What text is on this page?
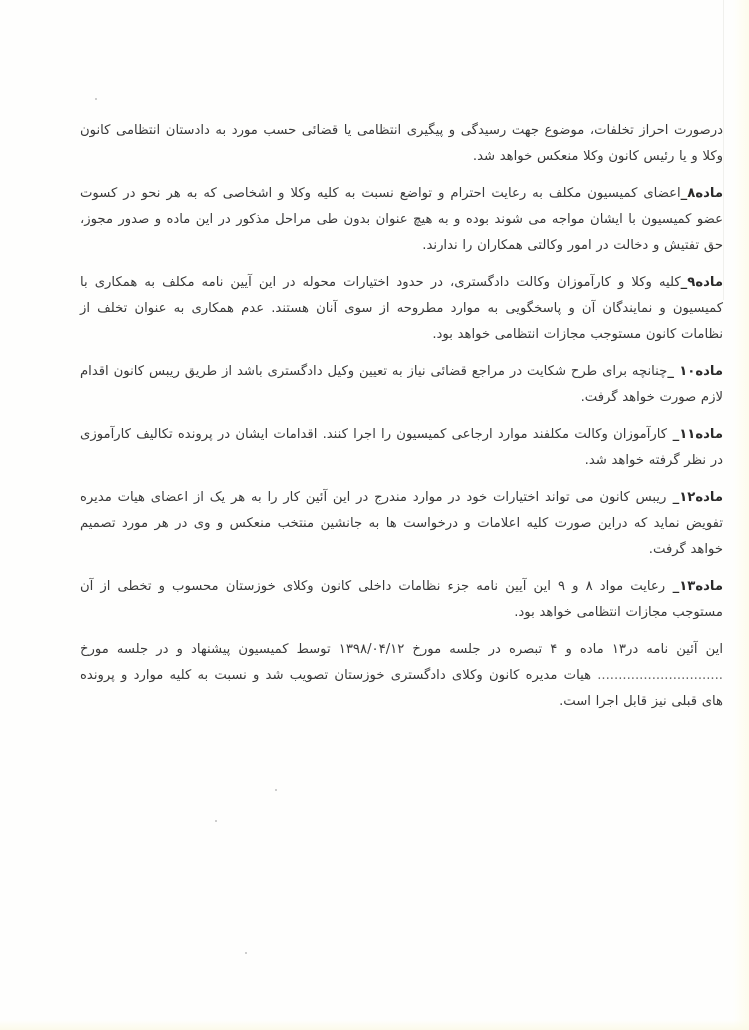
درصورت احراز تخلفات، موضوع جهت رسیدگی و پیگیری انتظامی یا قضائی حسب مورد به دادستان انتظامی کانون وکلا و یا رئیس کانون وکلا منعکس خواهد شد.

ماده۸_اعضای کمیسیون مکلف به رعایت احترام و تواضع نسبت به کلیه وکلا و اشخاصی که به هر نحو در کسوت عضو کمیسیون با ایشان مواجه می شوند بوده و به هیچ عنوان بدون طی مراحل مذکور در این ماده و صدور مجوز، حق تفتیش و دخالت در امور وکالتی همکاران را ندارند.

ماده۹_کلیه وکلا و کارآموزان وکالت دادگستری، در حدود اختیارات محوله در این آیین نامه مکلف به همکاری با کمیسیون و نمایندگان آن و پاسخگویی به موارد مطروحه از سوی آنان هستند. عدم همکاری به عنوان تخلف از نظامات کانون مستوجب مجازات انتظامی خواهد بود.

ماده۱۰ _چنانچه برای طرح شکایت در مراجع قضائی نیاز به تعیین وکیل دادگستری باشد از طریق ریبس کانون اقدام لازم صورت خواهد گرفت.

ماده۱۱_ کارآموزان وکالت مکلفند موارد ارجاعی کمیسیون را اجرا کنند. اقدامات ایشان در پرونده تکالیف کارآموزی در نظر گرفته خواهد شد.

ماده۱۲_ ریبس کانون می تواند اختیارات خود در موارد مندرج در این آئین کار را به هر یک از اعضای هیات مدیره تفویض نماید که دراین صورت کلیه اعلامات و درخواست ها به جانشین منتخب منعکس و وی در هر مورد تصمیم خواهد گرفت.

ماده۱۳_ رعایت مواد ۸ و ۹ این آیین نامه جزء نظامات داخلی کانون وکلای خوزستان محسوب و تخطی از آن مستوجب مجازات انتظامی خواهد بود.

این آئین نامه در۱۳ ماده و ۴ تبصره در جلسه مورخ ۱۳۹۸/۰۴/۱۲ توسط کمیسیون پیشنهاد و در جلسه مورخ .............................. هیات مدیره کانون وکلای دادگستری خوزستان تصویب شد و نسبت به کلیه موارد و پرونده های قبلی نیز قابل اجرا است.
